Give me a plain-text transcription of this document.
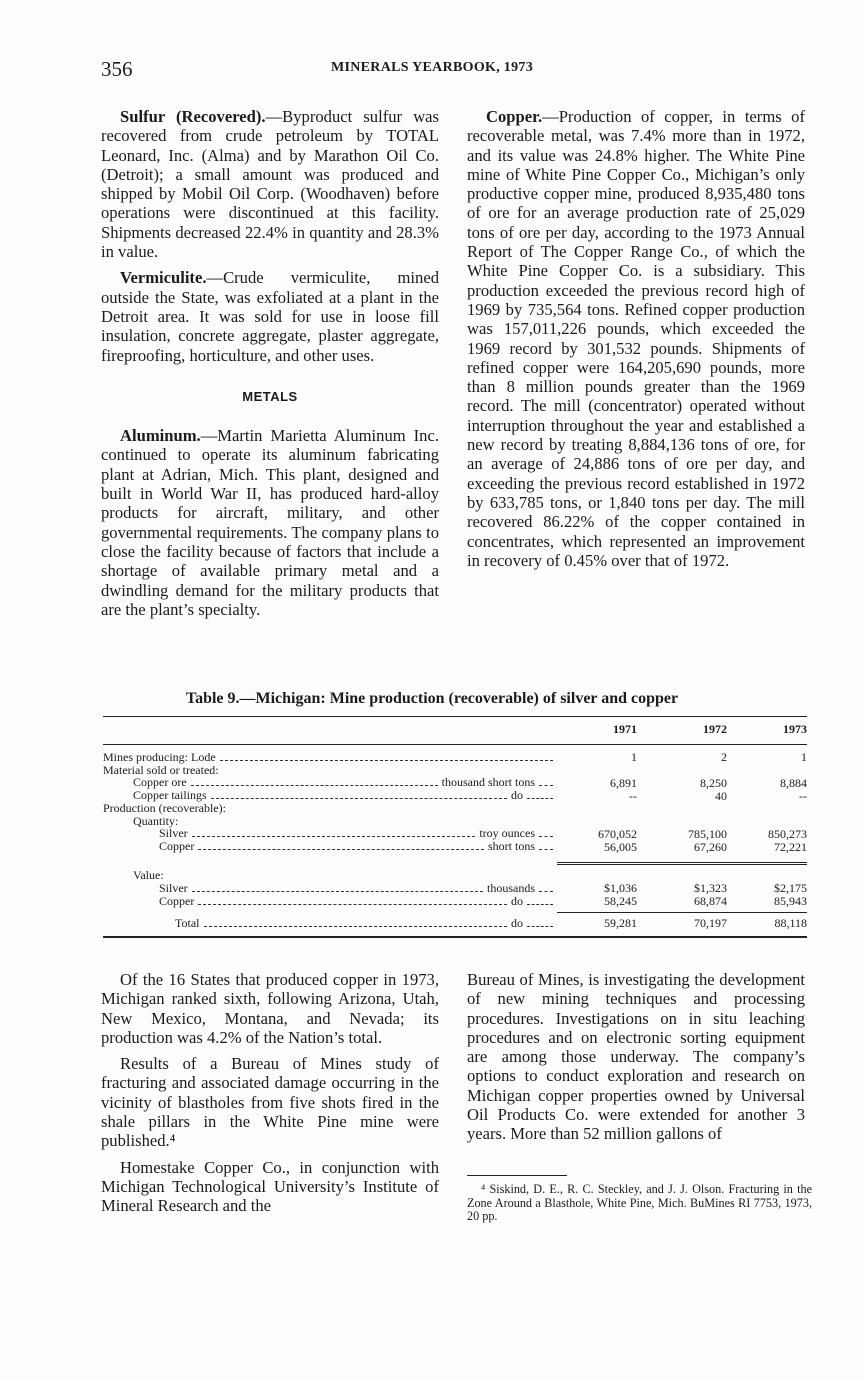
356	MINERALS YEARBOOK, 1973

Sulfur (Recovered).—Byproduct sulfur was recovered from crude petroleum by TOTAL Leonard, Inc. (Alma) and by Marathon Oil Co. (Detroit); a small amount was produced and shipped by Mobil Oil Corp. (Woodhaven) before operations were discontinued at this facility. Shipments decreased 22.4% in quantity and 28.3% in value.

Vermiculite.—Crude vermiculite, mined outside the State, was exfoliated at a plant in the Detroit area. It was sold for use in loose fill insulation, concrete aggregate, plaster aggregate, fireproofing, horticulture, and other uses.

METALS

Aluminum.—Martin Marietta Aluminum Inc. continued to operate its aluminum fabricating plant at Adrian, Mich. This plant, designed and built in World War II, has produced hard-alloy products for aircraft, military, and other governmental requirements. The company plans to close the facility because of factors that include a shortage of available primary metal and a dwindling demand for the military products that are the plant’s specialty.

Copper.—Production of copper, in terms of recoverable metal, was 7.4% more than in 1972, and its value was 24.8% higher. The White Pine mine of White Pine Copper Co., Michigan’s only productive copper mine, produced 8,935,480 tons of ore for an average production rate of 25,029 tons of ore per day, according to the 1973 Annual Report of The Copper Range Co., of which the White Pine Copper Co. is a subsidiary. This production exceeded the previous record high of 1969 by 735,564 tons. Refined copper production was 157,011,226 pounds, which exceeded the 1969 record by 301,532 pounds. Shipments of refined copper were 164,205,690 pounds, more than 8 million pounds greater than the 1969 record. The mill (concentrator) operated without interruption throughout the year and established a new record by treating 8,884,136 tons of ore, for an average of 24,886 tons of ore per day, and exceeding the previous record established in 1972 by 633,785 tons, or 1,840 tons per day. The mill recovered 86.22% of the copper contained in concentrates, which represented an improvement in recovery of 0.45% over that of 1972.

Table 9.—Michigan: Mine production (recoverable) of silver and copper
	1971	1972	1973
Mines producing: Lode	1	2	1
Material sold or treated:			

Copper ore thousand short tons	6,891	8,250	8,884

Copper tailings do	--	40	--
Production (recoverable):			
Quantity:			

Silver troy ounces	670,052	785,100	850,273

Copper short tons	56,005	67,260	72,221

Value:			

Silver thousands	$1,036	$1,323	$2,175

Copper do	58,245	68,874	85,943

Total do	59,281	70,197	88,118

Of the 16 States that produced copper in 1973, Michigan ranked sixth, following Arizona, Utah, New Mexico, Montana, and Nevada; its production was 4.2% of the Nation’s total.

Results of a Bureau of Mines study of fracturing and associated damage occurring in the vicinity of blastholes from five shots fired in the shale pillars in the White Pine mine were published.⁴

Homestake Copper Co., in conjunction with Michigan Technological University’s Institute of Mineral Research and the

Bureau of Mines, is investigating the development of new mining techniques and processing procedures. Investigations on in situ leaching procedures and on electronic sorting equipment are among those underway. The company’s options to conduct exploration and research on Michigan copper properties owned by Universal Oil Products Co. were extended for another 3 years. More than 52 million gallons of

⁴ Siskind, D. E., R. C. Steckley, and J. J. Olson. Fracturing in the Zone Around a Blasthole, White Pine, Mich. BuMines RI 7753, 1973, 20 pp.
